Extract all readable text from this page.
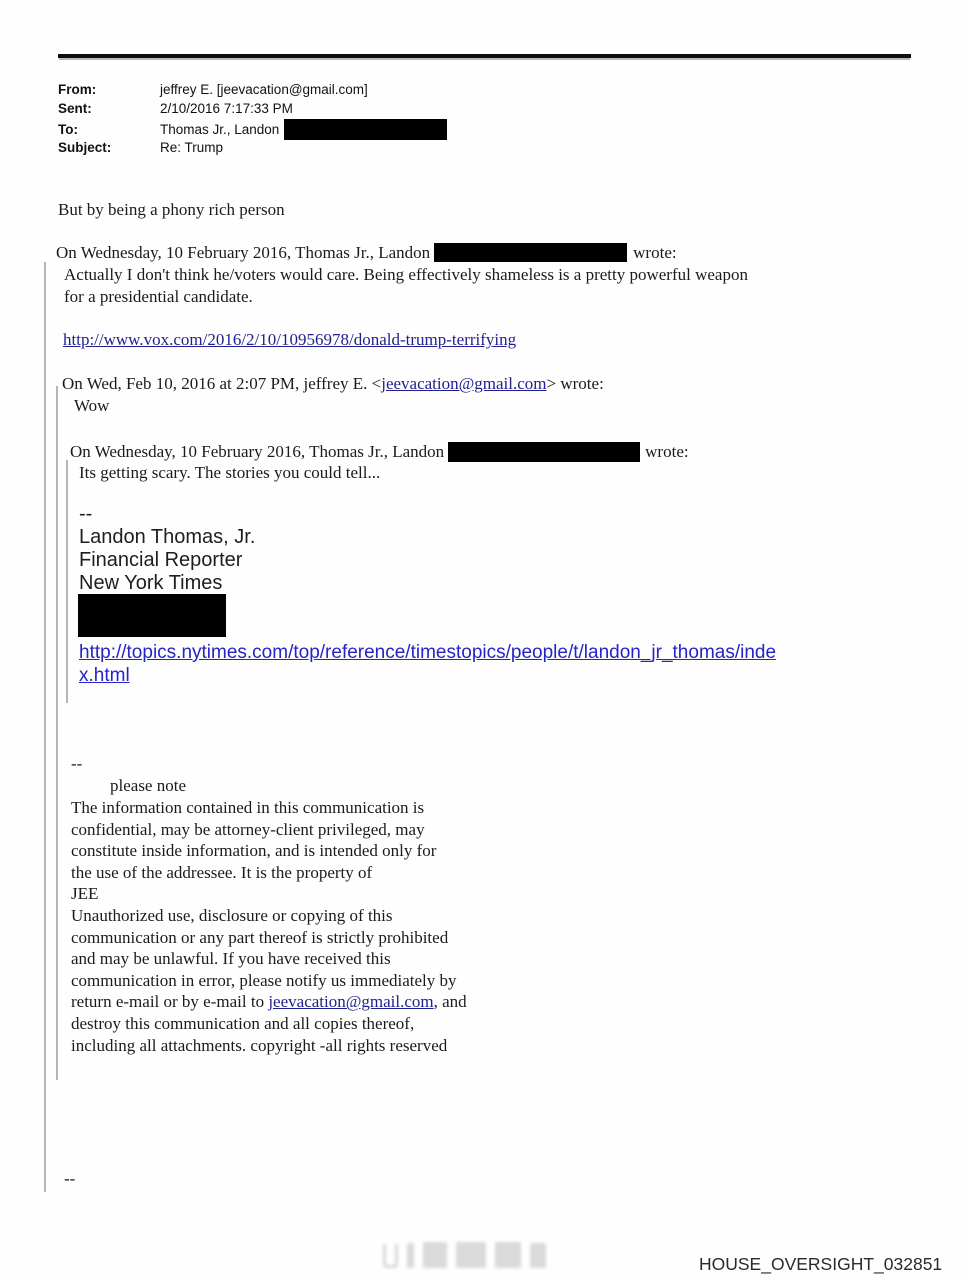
From:	jeffrey E. [jeevacation@gmail.com]
Sent:	2/10/2016 7:17:33 PM
To:	Thomas Jr., Landon
Subject:	Re: Trump
But by being a phony rich person
On Wednesday, 10 February 2016, Thomas Jr., Landon	wrote:
Actually I don't think he/voters would care. Being effectively shameless is a pretty powerful weapon
for a presidential candidate.
http://www.vox.com/2016/2/10/10956978/donald-trump-terrifying
On Wed, Feb 10, 2016 at 2:07 PM, jeffrey E. <jeevacation@gmail.com> wrote:
Wow
On Wednesday, 10 February 2016, Thomas Jr., Landon	wrote:
Its getting scary. The stories you could tell...
--
Landon Thomas, Jr.
Financial Reporter
New York Times
http://topics.nytimes.com/top/reference/timestopics/people/t/landon_jr_thomas/inde
x.html
--
please note
The information contained in this communication is
confidential, may be attorney-client privileged, may
constitute inside information, and is intended only for
the use of the addressee. It is the property of
JEE
Unauthorized use, disclosure or copying of this
communication or any part thereof is strictly prohibited
and may be unlawful. If you have received this
communication in error, please notify us immediately by
return e-mail or by e-mail to jeevacation@gmail.com, and
destroy this communication and all copies thereof,
including all attachments. copyright -all rights reserved
--
HOUSE_OVERSIGHT_032851
